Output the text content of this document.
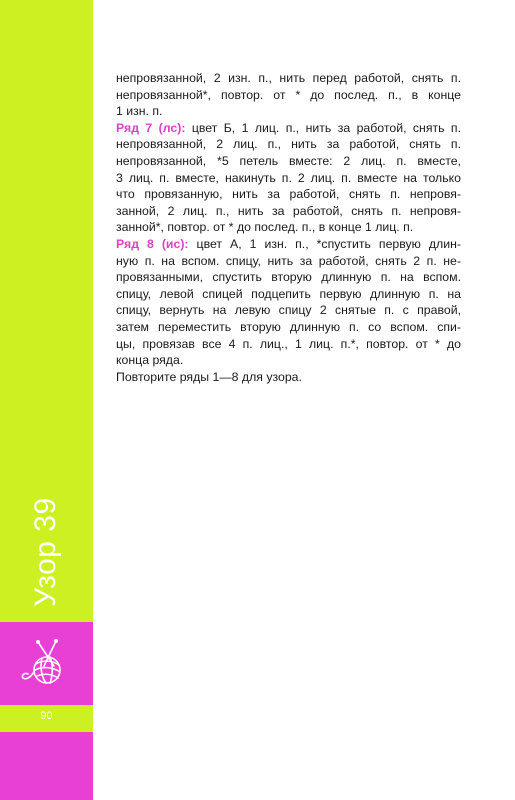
Узор 39
90
непровязанной, 2 изн. п., нить перед работой, снять п.
непровязанной*, повтор. от * до послед. п., в конце
1 изн. п.
Ряд 7 (лс): цвет Б, 1 лиц. п., нить за работой, снять п.
непровязанной, 2 лиц. п., нить за работой, снять п.
непровязанной, *5 петель вместе: 2 лиц. п. вместе,
3 лиц. п. вместе, накинуть п. 2 лиц. п. вместе на только
что провязанную, нить за работой, снять п. непровя-
занной, 2 лиц. п., нить за работой, снять п. непровя-
занной*, повтор. от * до послед. п., в конце 1 лиц. п.
Ряд 8 (ис): цвет А, 1 изн. п., *спустить первую длин-
ную п. на вспом. спицу, нить за работой, снять 2 п. не-
провязанными, спустить вторую длинную п. на вспом.
спицу, левой спицей подцепить первую длинную п. на
спицу, вернуть на левую спицу 2 снятые п. с правой,
затем переместить вторую длинную п. со вспом. спи-
цы, провязав все 4 п. лиц., 1 лиц. п.*, повтор. от * до
конца ряда.
Повторите ряды 1—8 для узора.
FassionForum.ru
